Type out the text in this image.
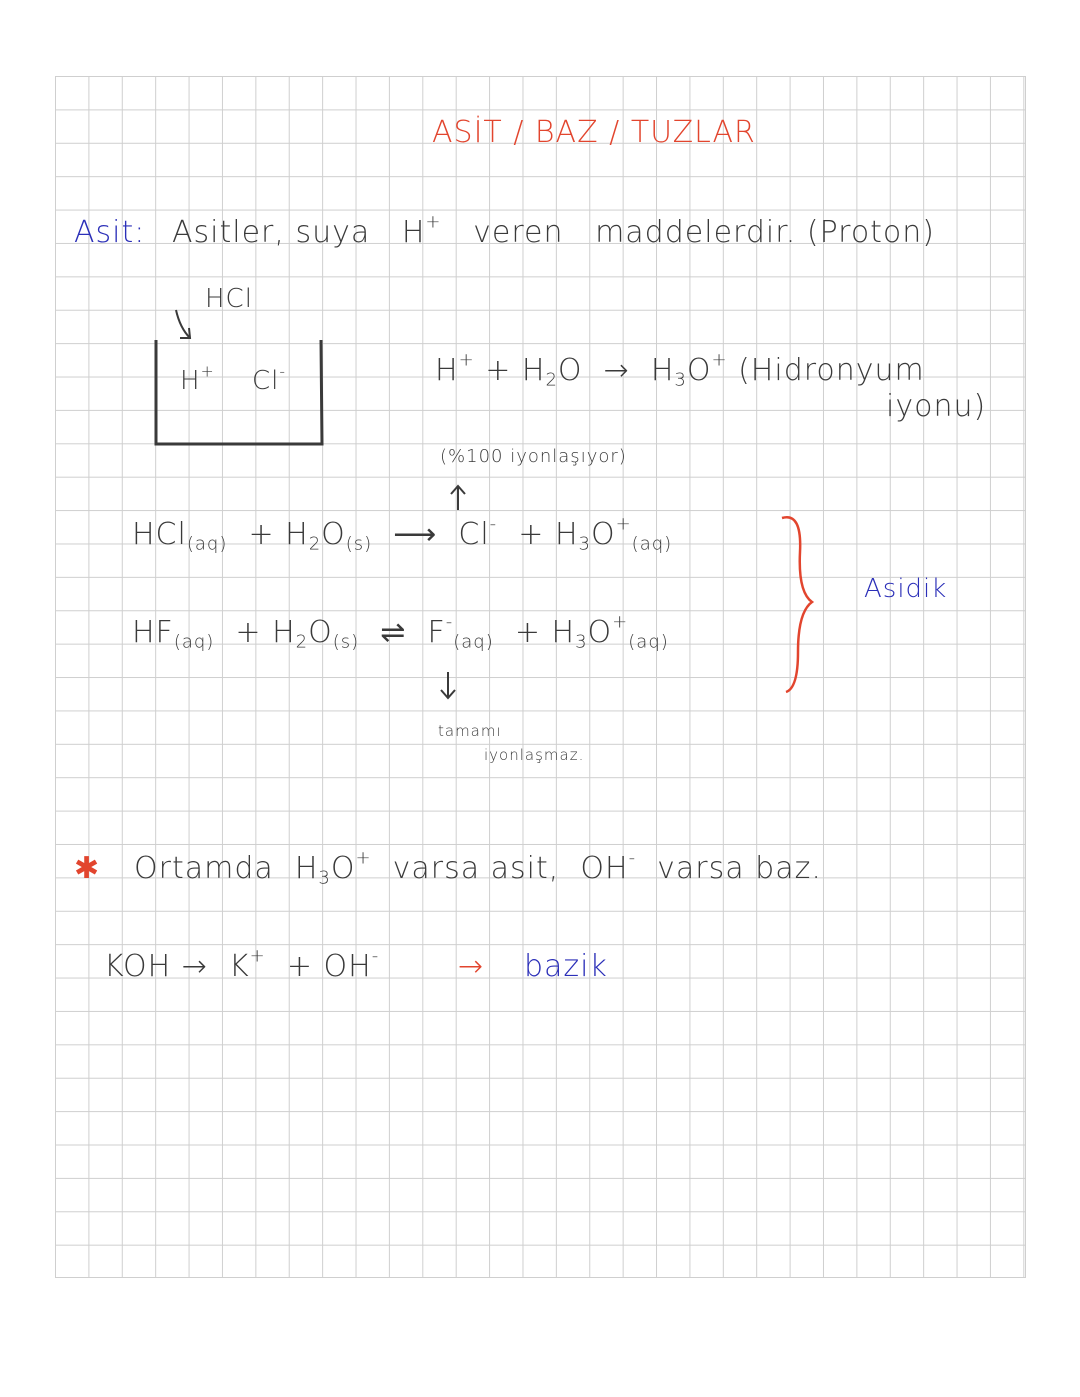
ASİT / BAZ / TUZLAR
Asit: Asitler, suya H+ veren maddelerdir. (Proton)
HCl
H+ Cl-	$H^+ + H_2O \to H_3O^+$ (Hidronyum
iyonu)
(%100 iyonlaşıyor)
$HCl_{(aq)} + H_2O_{(s)}$ ⟶ $Cl^- + H_3O^+_{(aq)}$
$HF_{(aq)} + H_2O_{(s)}$ ⇌ $F^-_{(aq)} + H_3O^+_{(aq)}$
Asidik
tamamı
iyonlaşmaz.
✱ Ortamda $H_3O^+$ varsa asit, OH- varsa baz.
KOH → K+ + OH-	→ bazik
